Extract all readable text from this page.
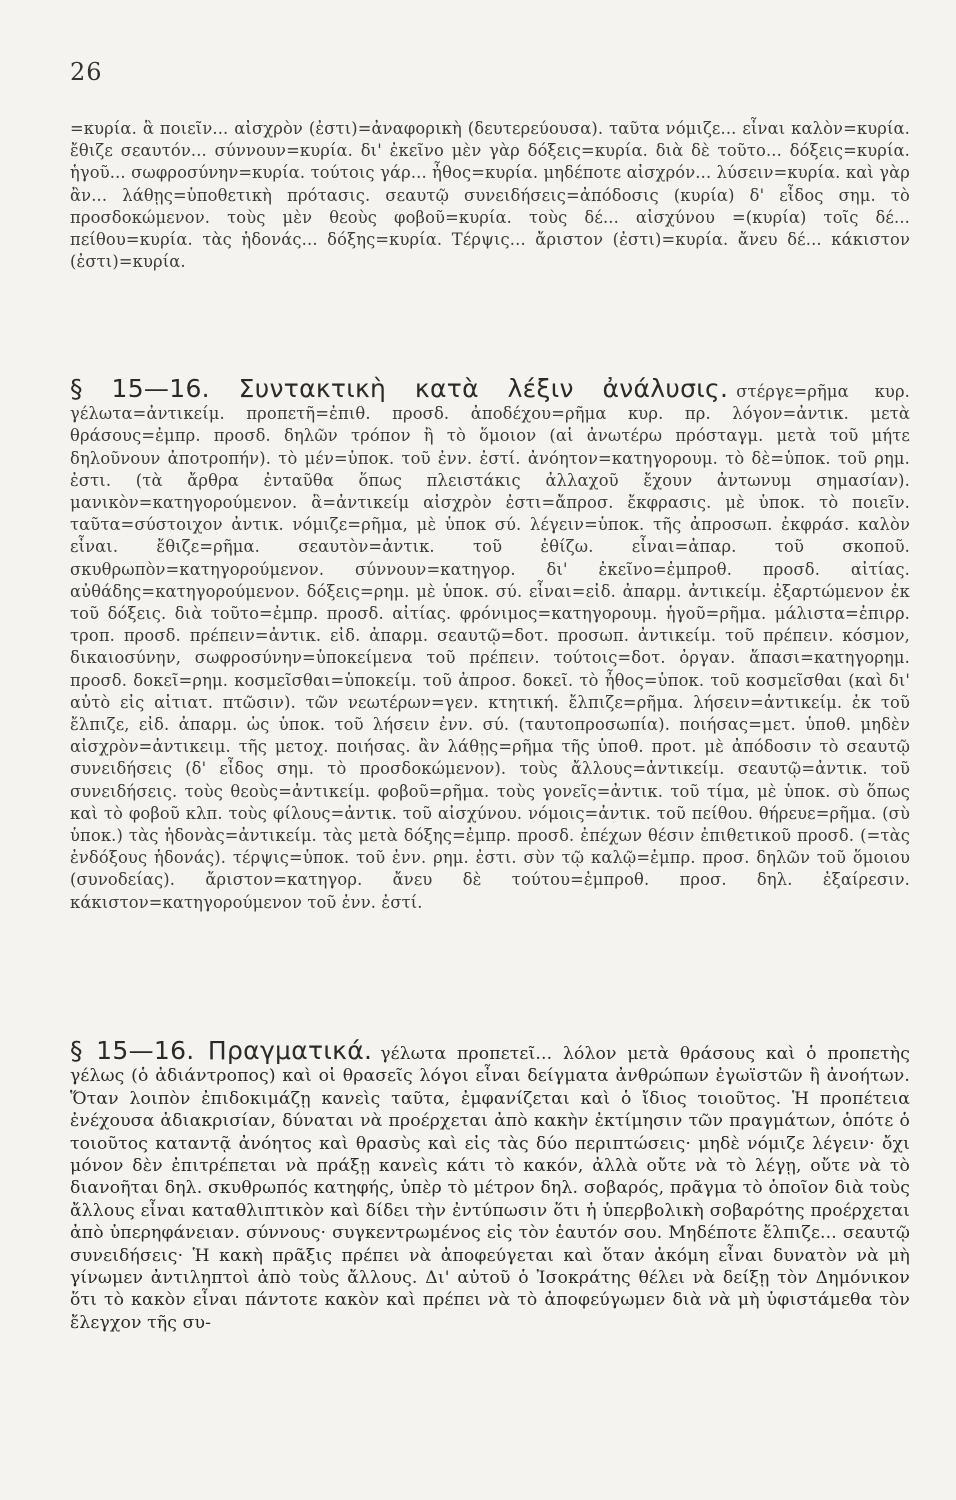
26

=κυρία. ἃ ποιεῖν... αἰσχρὸν (ἐστι)=ἀναφορικὴ (δευτερεύουσα). ταῦτα νόμιζε... εἶναι καλὸν=κυρία. ἔθιζε σεαυτόν... σύννουν=κυρία. δι' ἐκεῖνο μὲν γὰρ δόξεις=κυρία. διὰ δὲ τοῦτο... δόξεις=κυρία. ἡγοῦ... σωφροσύνην=κυρία. τούτοις γάρ... ἦθος=κυρία. μηδέποτε αἰσχρόν... λύσειν=κυρία. καὶ γὰρ ἂν... λάθῃς=ὑποθετικὴ πρότασις. σεαυτῷ συνειδήσεις=ἀπόδοσις (κυρία) δ' εἶδος σημ. τὸ προσδοκώμενον. τοὺς μὲν θεοὺς φοβοῦ=κυρία. τοὺς δέ... αἰσχύνου =(κυρία) τοῖς δέ... πείθου=κυρία. τὰς ἡδονάς... δόξης=κυρία. Τέρψις... ἄριστον (ἐστι)=κυρία. ἄνευ δέ... κάκιστον (ἐστι)=κυρία.

§ 15—16. Συντακτικὴ κατὰ λέξιν ἀνάλυσις. στέργε=ρῆμα κυρ. γέλωτα=ἀντικείμ. προπετῆ=ἐπιθ. προσδ. ἀποδέχου=ρῆμα κυρ. πρ. λόγον=ἀντικ. μετὰ θράσους=ἐμπρ. προσδ. δηλῶν τρόπον ἢ τὸ ὅμοιον (αἱ ἀνωτέρω πρόσταγμ. μετὰ τοῦ μήτε δηλοῦνουν ἀποτροπήν). τὸ μέν=ὑποκ. τοῦ ἐνν. ἐστί. ἀνόητον=κατηγορουμ. τὸ δὲ=ὑποκ. τοῦ ρημ. ἐστι. (τὰ ἄρθρα ἐνταῦθα ὅπως πλειστάκις ἀλλαχοῦ ἔχουν ἀντωνυμ σημασίαν). μανικὸν=κατηγορούμενον. ἃ=ἀντικείμ αἰσχρὸν ἐστι=ἄπροσ. ἔκφρασις. μὲ ὑποκ. τὸ ποιεῖν. ταῦτα=σύστοιχον ἀντικ. νόμιζε=ρῆμα, μὲ ὑποκ σύ. λέγειν=ὑποκ. τῆς ἀπροσωπ. ἐκφράσ. καλὸν εἶναι. ἔθιζε=ρῆμα. σεαυτὸν=ἀντικ. τοῦ ἐθίζω. εἶναι=ἀπαρ. τοῦ σκοποῦ. σκυθρωπὸν=κατηγορούμενον. σύννουν=κατηγορ. δι' ἐκεῖνο=ἐμπροθ. προσδ. αἰτίας. αὐθάδης=κατηγορούμενον. δόξεις=ρημ. μὲ ὑποκ. σύ. εἶναι=εἰδ. ἀπαρμ. ἀντικείμ. ἐξαρτώμενον ἐκ τοῦ δόξεις. διὰ τοῦτο=ἐμπρ. προσδ. αἰτίας. φρόνιμος=κατηγορουμ. ἡγοῦ=ρῆμα. μάλιστα=ἐπιρρ. τροπ. προσδ. πρέπειν=ἀντικ. εἰδ. ἀπαρμ. σεαυτῷ=δοτ. προσωπ. ἀντικείμ. τοῦ πρέπειν. κόσμον, δικαιοσύνην, σωφροσύνην=ὑποκείμενα τοῦ πρέπειν. τούτοις=δοτ. ὀργαν. ἅπασι=κατηγορημ. προσδ. δοκεῖ=ρημ. κοσμεῖσθαι=ὑποκείμ. τοῦ ἀπροσ. δοκεῖ. τὸ ἦθος=ὑποκ. τοῦ κοσμεῖσθαι (καὶ δι' αὐτὸ εἰς αἰτιατ. πτῶσιν). τῶν νεωτέρων=γεν. κτητική. ἔλπιζε=ρῆμα. λήσειν=ἀντικείμ. ἐκ τοῦ ἔλπιζε, εἰδ. ἀπαρμ. ὡς ὑποκ. τοῦ λήσειν ἐνν. σύ. (ταυτοπροσωπία). ποιήσας=μετ. ὑποθ. μηδὲν αἰσχρὸν=ἀντικειμ. τῆς μετοχ. ποιήσας. ἂν λάθῃς=ρῆμα τῆς ὑποθ. προτ. μὲ ἀπόδοσιν τὸ σεαυτῷ συνειδήσεις (δ' εἶδος σημ. τὸ προσδοκώμενον). τοὺς ἄλλους=ἀντικείμ. σεαυτῷ=ἀντικ. τοῦ συνειδήσεις. τοὺς θεοὺς=ἀντικείμ. φοβοῦ=ρῆμα. τοὺς γονεῖς=ἀντικ. τοῦ τίμα, μὲ ὑποκ. σὺ ὅπως καὶ τὸ φοβοῦ κλπ. τοὺς φίλους=ἀντικ. τοῦ αἰσχύνου. νόμοις=ἀντικ. τοῦ πείθου. θήρευε=ρῆμα. (σὺ ὑποκ.) τὰς ἡδονὰς=ἀντικείμ. τὰς μετὰ δόξης=ἐμπρ. προσδ. ἐπέχων θέσιν ἐπιθετικοῦ προσδ. (=τὰς ἐνδόξους ἡδονάς). τέρψις=ὑποκ. τοῦ ἐνν. ρημ. ἐστι. σὺν τῷ καλῷ=ἐμπρ. προσ. δηλῶν τοῦ ὅμοιου (συνοδείας). ἄριστον=κατηγορ. ἄνευ δὲ τούτου=ἐμπροθ. προσ. δηλ. ἐξαίρεσιν. κάκιστον=κατηγορούμενον τοῦ ἐνν. ἐστί.

§ 15—16. Πραγματικά. γέλωτα προπετεῖ... λόλον μετὰ θράσους καὶ ὁ προπετὴς γέλως (ὁ ἀδιάντροπος) καὶ οἱ θρασεῖς λόγοι εἶναι δείγματα ἀνθρώπων ἐγωϊστῶν ἢ ἀνοήτων. Ὅταν λοιπὸν ἐπιδοκιμάζῃ κανεὶς ταῦτα, ἐμφανίζεται καὶ ὁ ἴδιος τοιοῦτος. Ἡ προπέτεια ἐνέχουσα ἀδιακρισίαν, δύναται νὰ προέρχεται ἀπὸ κακὴν ἐκτίμησιν τῶν πραγμάτων, ὁπότε ὁ τοιοῦτος καταντᾷ ἀνόητος καὶ θρασὺς καὶ εἰς τὰς δύο περιπτώσεις· μηδὲ νόμιζε λέγειν· ὄχι μόνον δὲν ἐπιτρέπεται νὰ πράξῃ κανεὶς κάτι τὸ κακόν, ἀλλὰ οὔτε νὰ τὸ λέγῃ, οὔτε νὰ τὸ διανοῆται δηλ. σκυθρωπός κατηφής, ὑπὲρ τὸ μέτρον δηλ. σοβαρός, πρᾶγμα τὸ ὁποῖον διὰ τοὺς ἄλλους εἶναι καταθλιπτικὸν καὶ δίδει τὴν ἐντύπωσιν ὅτι ἡ ὑπερβολικὴ σοβαρότης προέρχεται ἀπὸ ὑπερηφάνειαν. σύννους· συγκεντρωμένος εἰς τὸν ἑαυτόν σου. Μηδέποτε ἔλπιζε... σεαυτῷ συνειδήσεις· Ἡ κακὴ πρᾶξις πρέπει νὰ ἀποφεύγεται καὶ ὅταν ἀκόμη εἶναι δυνατὸν νὰ μὴ γίνωμεν ἀντιληπτοὶ ἀπὸ τοὺς ἄλλους. Δι' αὐτοῦ ὁ Ἰσοκράτης θέλει νὰ δείξῃ τὸν Δημόνικον ὅτι τὸ κακὸν εἶναι πάντοτε κακὸν καὶ πρέπει νὰ τὸ ἀποφεύγωμεν διὰ νὰ μὴ ὑφιστάμεθα τὸν ἔλεγχον τῆς συ-
